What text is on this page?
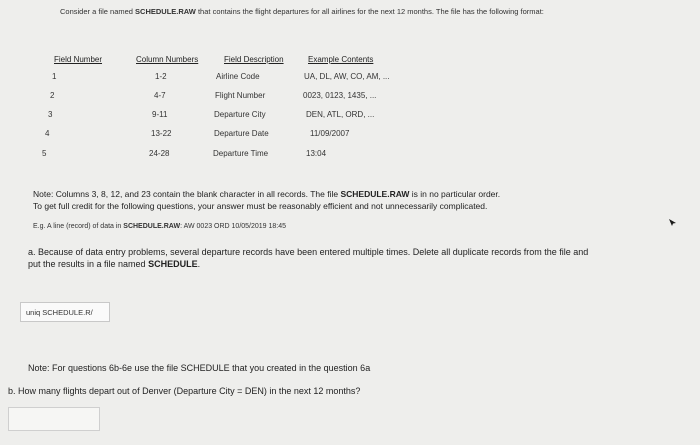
Consider a file named SCHEDULE.RAW that contains the flight departures for all airlines for the next 12 months. The file has the following format:
Field Number	Column Numbers	Field Description	Example Contents
1	1-2	Airline Code	UA, DL, AW, CO, AM, ...
2	4-7	Flight Number	0023, 0123, 1435, ...
3	9-11	Departure City	DEN, ATL, ORD, ...
4	13-22	Departure Date	11/09/2007
5	24-28	Departure Time	13:04
Note: Columns 3, 8, 12, and 23 contain the blank character in all records. The file SCHEDULE.RAW is in no particular order.
To get full credit for the following questions, your answer must be reasonably efficient and not unnecessarily complicated.
E.g. A line (record) of data in SCHEDULE.RAW: AW 0023 ORD 10/05/2019 18:45
a. Because of data entry problems, several departure records have been entered multiple times. Delete all duplicate records from the file and put the results in a file named SCHEDULE.
uniq SCHEDULE.R/
Note: For questions 6b-6e use the file SCHEDULE that you created in the question 6a
b. How many flights depart out of Denver (Departure City = DEN) in the next 12 months?
